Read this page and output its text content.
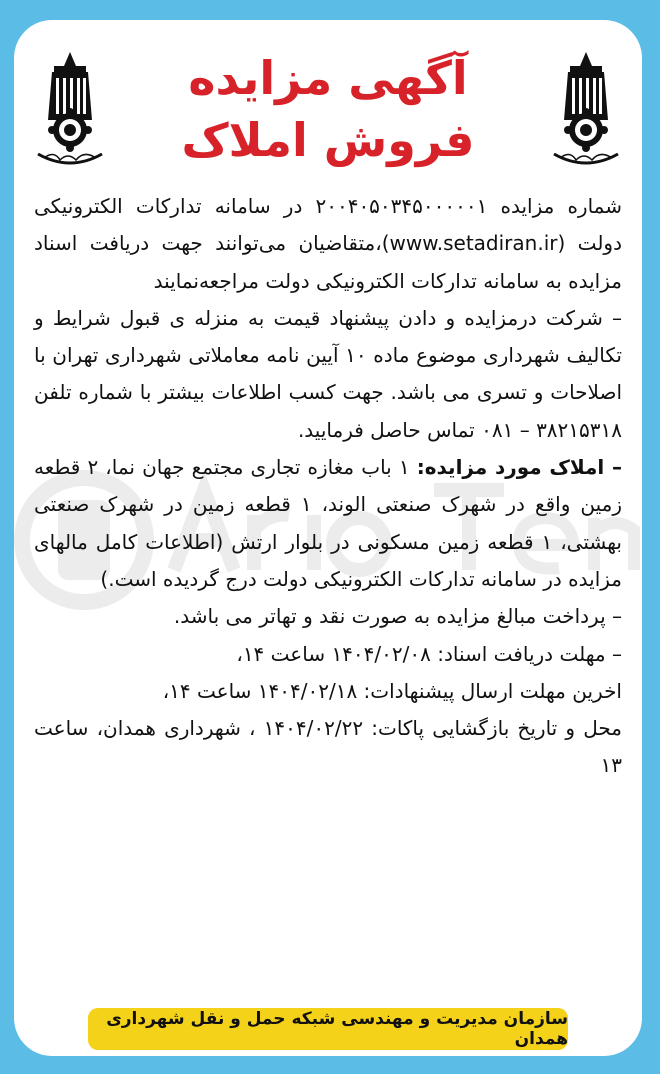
آگهی مزایده
فروش املاک

شماره مزایده ۲۰۰۴۰۵۰۳۴۵۰۰۰۰۰۱ در سامانه تدارکات الکترونیکی دولت (www.setadiran.ir)،متقاضیان می‌توانند جهت دریافت اسناد مزایده به سامانه تدارکات الکترونیکی دولت مراجعه‌نمایند

– شرکت درمزایده و دادن پیشنهاد قیمت به منزله ی قبول شرایط و تکالیف شهرداری موضوع ماده ۱۰ آیین نامه معاملاتی شهرداری تهران با اصلاحات و تسری می باشد. جهت کسب اطلاعات بیشتر با شماره تلفن ۳۸۲۱۵۳۱۸ – ۰۸۱ تماس حاصل فرمایید.

– املاک مورد مزایده: ۱ باب مغازه تجاری مجتمع جهان نما، ۲ قطعه زمین واقع در شهرک صنعتی الوند، ۱ قطعه زمین در شهرک صنعتی بهشتی، ۱ قطعه زمین مسکونی در بلوار ارتش (اطلاعات کامل مالهای مزایده در سامانه تدارکات الکترونیکی دولت درج گردیده است.)

– پرداخت مبالغ مزایده به صورت نقد و تهاتر می باشد.

– مهلت دریافت اسناد: ۱۴۰۴/۰۲/۰۸ ساعت ۱۴،

اخرین مهلت ارسال پیشنهادات: ۱۴۰۴/۰۲/۱۸ ساعت ۱۴،

محل و تاریخ بازگشایی پاکات: ۱۴۰۴/۰۲/۲۲ ، شهرداری همدان، ساعت ۱۳

سازمان مدیریت و مهندسی شبکه حمل و نقل شهرداری همدان
